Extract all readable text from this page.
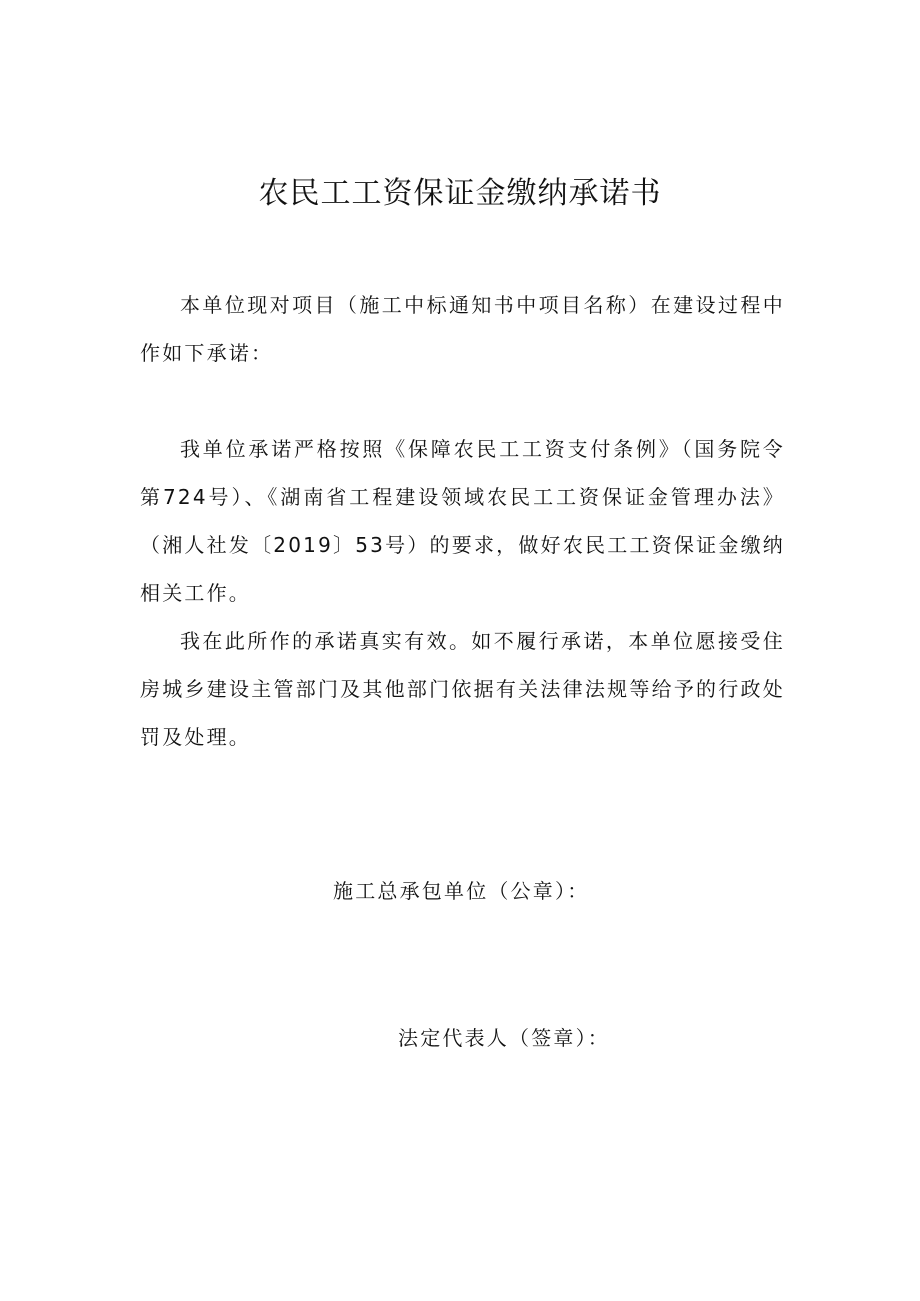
农民工工资保证金缴纳承诺书

本单位现对项目（施工中标通知书中项目名称）在建设过程中作如下承诺：

我单位承诺严格按照《保障农民工工资支付条例》（国务院令第724号）、《湖南省工程建设领域农民工工资保证金管理办法》（湘人社发〔2019〕53号）的要求，做好农民工工资保证金缴纳相关工作。

我在此所作的承诺真实有效。如不履行承诺，本单位愿接受住房城乡建设主管部门及其他部门依据有关法律法规等给予的行政处罚及处理。

施工总承包单位（公章）：
法定代表人（签章）：
